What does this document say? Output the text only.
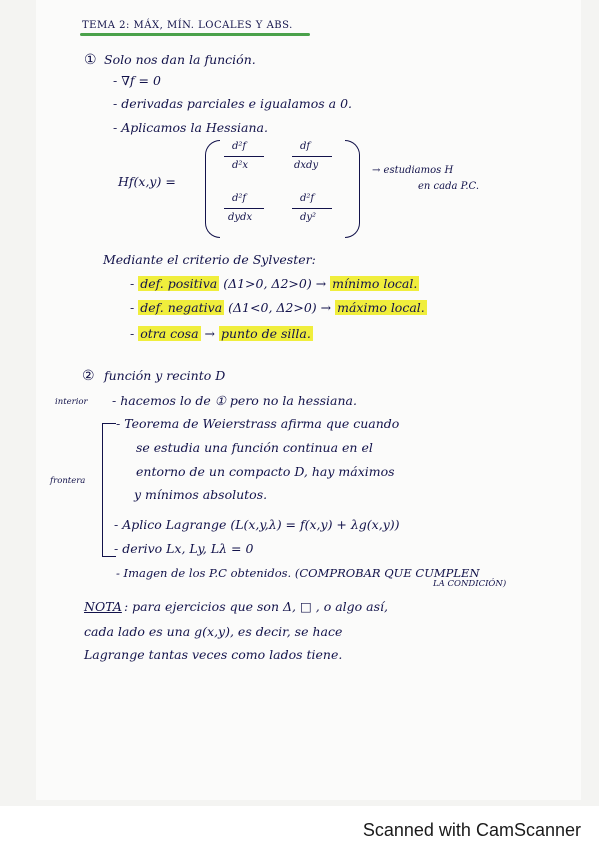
TEMA 2: MÁX, MÍN. LOCALES Y ABS.
① Solo nos dan la función.
- ∇f = 0
- derivadas parciales e igualamos a 0.
- Aplicamos la Hessiana.
Hf(x,y) =
d²f
d²x
df
dxdy
d²f
dydx
d²f
dy²
→ estudiamos H
en cada P.C.
Mediante el criterio de Sylvester:
- def. positiva (Δ1>0, Δ2>0) → mínimo local.
- def. negativa (Δ1<0, Δ2>0) → máximo local.
- otra cosa → punto de silla.
② función y recinto D
interior - hacemos lo de ① pero no la hessiana.
frontera
- Teorema de Weierstrass afirma que cuando
se estudia una función continua en el
entorno de un compacto D, hay máximos
y mínimos absolutos.
- Aplico Lagrange (L(x,y,λ) = f(x,y) + λg(x,y))
- derivo Lx, Ly, Lλ = 0
- Imagen de los P.C obtenidos. (COMPROBAR QUE CUMPLEN
LA CONDICIÓN)
NOTA : para ejercicios que son Δ, □ , o algo así,
cada lado es una g(x,y), es decir, se hace
Lagrange tantas veces como lados tiene.
Scanned with CamScanner
